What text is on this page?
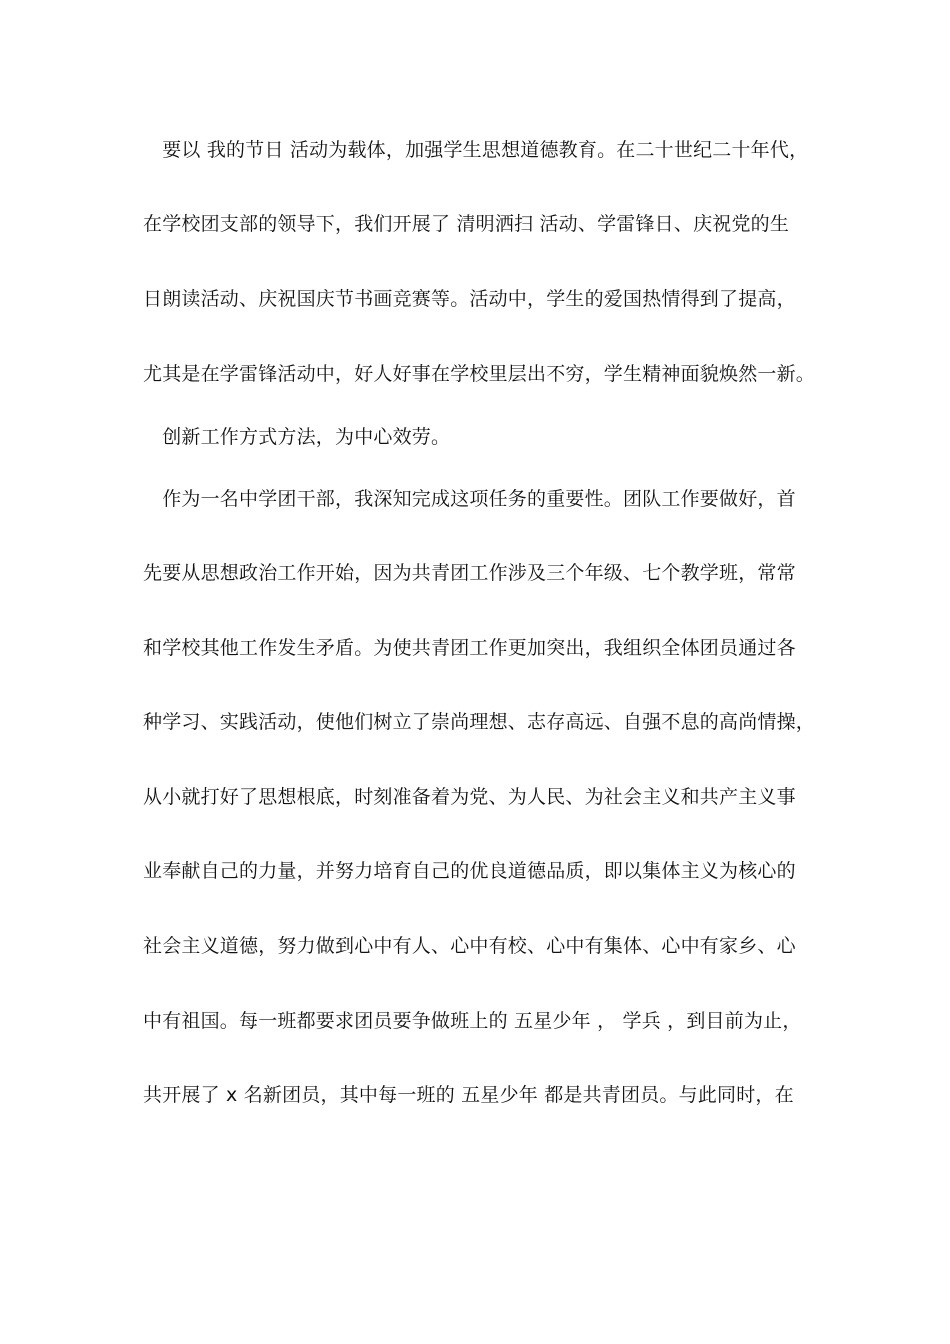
　要以 我的节日 活动为载体，加强学生思想道德教育。在二十世纪二十年代，

在学校团支部的领导下，我们开展了 清明洒扫 活动、学雷锋日、庆祝党的生

日朗读活动、庆祝国庆节书画竞赛等。活动中，学生的爱国热情得到了提高，

尤其是在学雷锋活动中，好人好事在学校里层出不穷，学生精神面貌焕然一新。

　创新工作方式方法，为中心效劳。

　作为一名中学团干部，我深知完成这项任务的重要性。团队工作要做好，首

先要从思想政治工作开始，因为共青团工作涉及三个年级、七个教学班，常常

和学校其他工作发生矛盾。为使共青团工作更加突出，我组织全体团员通过各

种学习、实践活动，使他们树立了崇尚理想、志存高远、自强不息的高尚情操，

从小就打好了思想根底，时刻准备着为党、为人民、为社会主义和共产主义事

业奉献自己的力量，并努力培育自己的优良道德品质，即以集体主义为核心的

社会主义道德，努力做到心中有人、心中有校、心中有集体、心中有家乡、心

中有祖国。每一班都要求团员要争做班上的 五星少年 ， 学兵 ，到目前为止，

共开展了 x 名新团员，其中每一班的 五星少年 都是共青团员。与此同时，在
